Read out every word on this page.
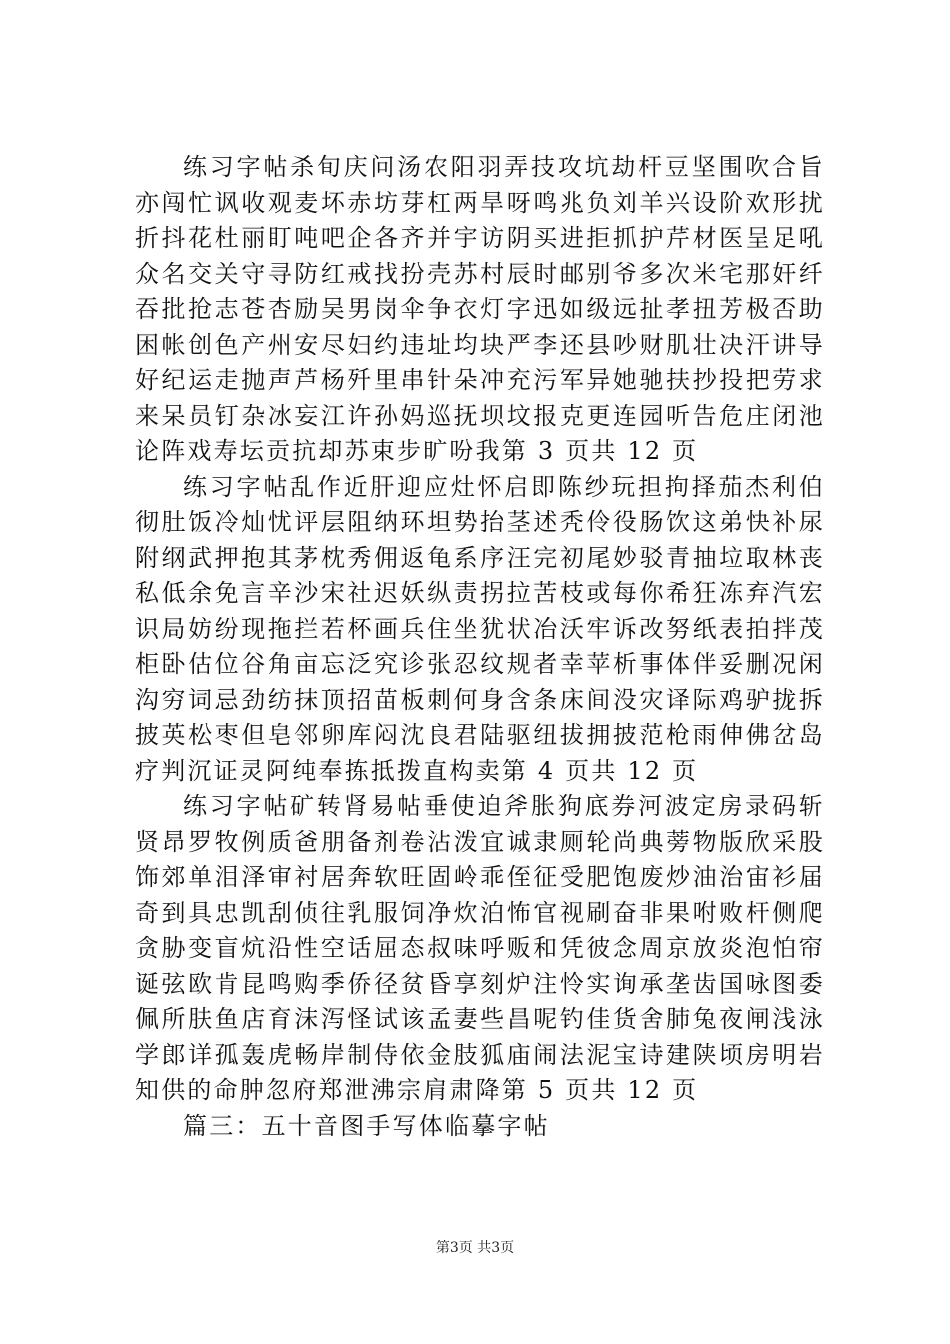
练习字帖杀旬庆问汤农阳羽弄技攻坑劫杆豆坚围吹合旨亦闯忙讽收观麦坏赤坊芽杠两旱呀鸣兆负刘羊兴设阶欢形扰折抖花杜丽盯吨吧企各齐并宇访阴买进拒抓护芹材医呈足吼众名交关守寻防红戒找扮壳苏村辰时邮别爷多次米宅那奸纤吞批抢志苍杏励吴男岗伞争衣灯字迅如级远扯孝扭芳极否助困帐创色产州安尽妇约违址均块严李还县吵财肌壮决汗讲导好纪运走抛声芦杨歼里串针朵冲充污军异她驰扶抄投把劳求来呆员钉杂冰妄江许孙妈巡抚坝坟报克更连园听告危庄闭池论阵戏寿坛贡抗却苏束步旷吩我第 3 页共 12 页

练习字帖乱作近肝迎应灶怀启即陈纱玩担拘择茄杰利伯彻肚饭冷灿忧评层阻纳环坦势抬茎述秃伶役肠饮这弟快补尿附纲武押抱其茅枕秀佣返龟系序汪完初尾妙驳青抽垃取林丧私低余免言辛沙宋社迟妖纵责拐拉苦枝或每你希狂冻弃汽宏识局妨纷现拖拦若杯画兵住坐犹状冶沃牢诉改努纸表拍拌茂柜卧估位谷角亩忘泛究诊张忍纹规者幸苹析事体伴妥删况闲沟穷词忌劲纺抹顶招苗板刺何身含条床间没灾译际鸡驴拢拆披英松枣但皂邻卵库闷沈良君陆驱纽拔拥披范枪雨伸佛岔岛疗判沉证灵阿纯奉拣抵拨直构卖第 4 页共 12 页

练习字帖矿转肾易帖垂使迫斧胀狗底券河波定房录码斩贤昂罗牧例质爸朋备剂卷沾泼宜诚隶厕轮尚典蒡物版欣采股饰郊单泪泽审衬居奔软旺固岭乖侄征受肥饱废炒油治宙衫届奇到具忠凯刮侦往乳服饲净炊泊怖官视刷奋非果咐败杆侧爬贪胁变盲炕沿性空话屈态叔味呼贩和凭彼念周京放炎泡怕帘诞弦欧肯昆鸣购季侨径贫昏享刻炉注怜实询承垄齿国咏图委佩所肤鱼店育沫泻怪试该孟妻些昌呢钓佳货舍肺兔夜闸浅泳学郎详孤轰虎畅岸制侍依金肢狐庙闹法泥宝诗建陕顷房明岩知供的命肿忽府郑泄沸宗肩肃降第 5 页共 12 页

篇三：五十音图手写体临摹字帖

第3页 共3页
